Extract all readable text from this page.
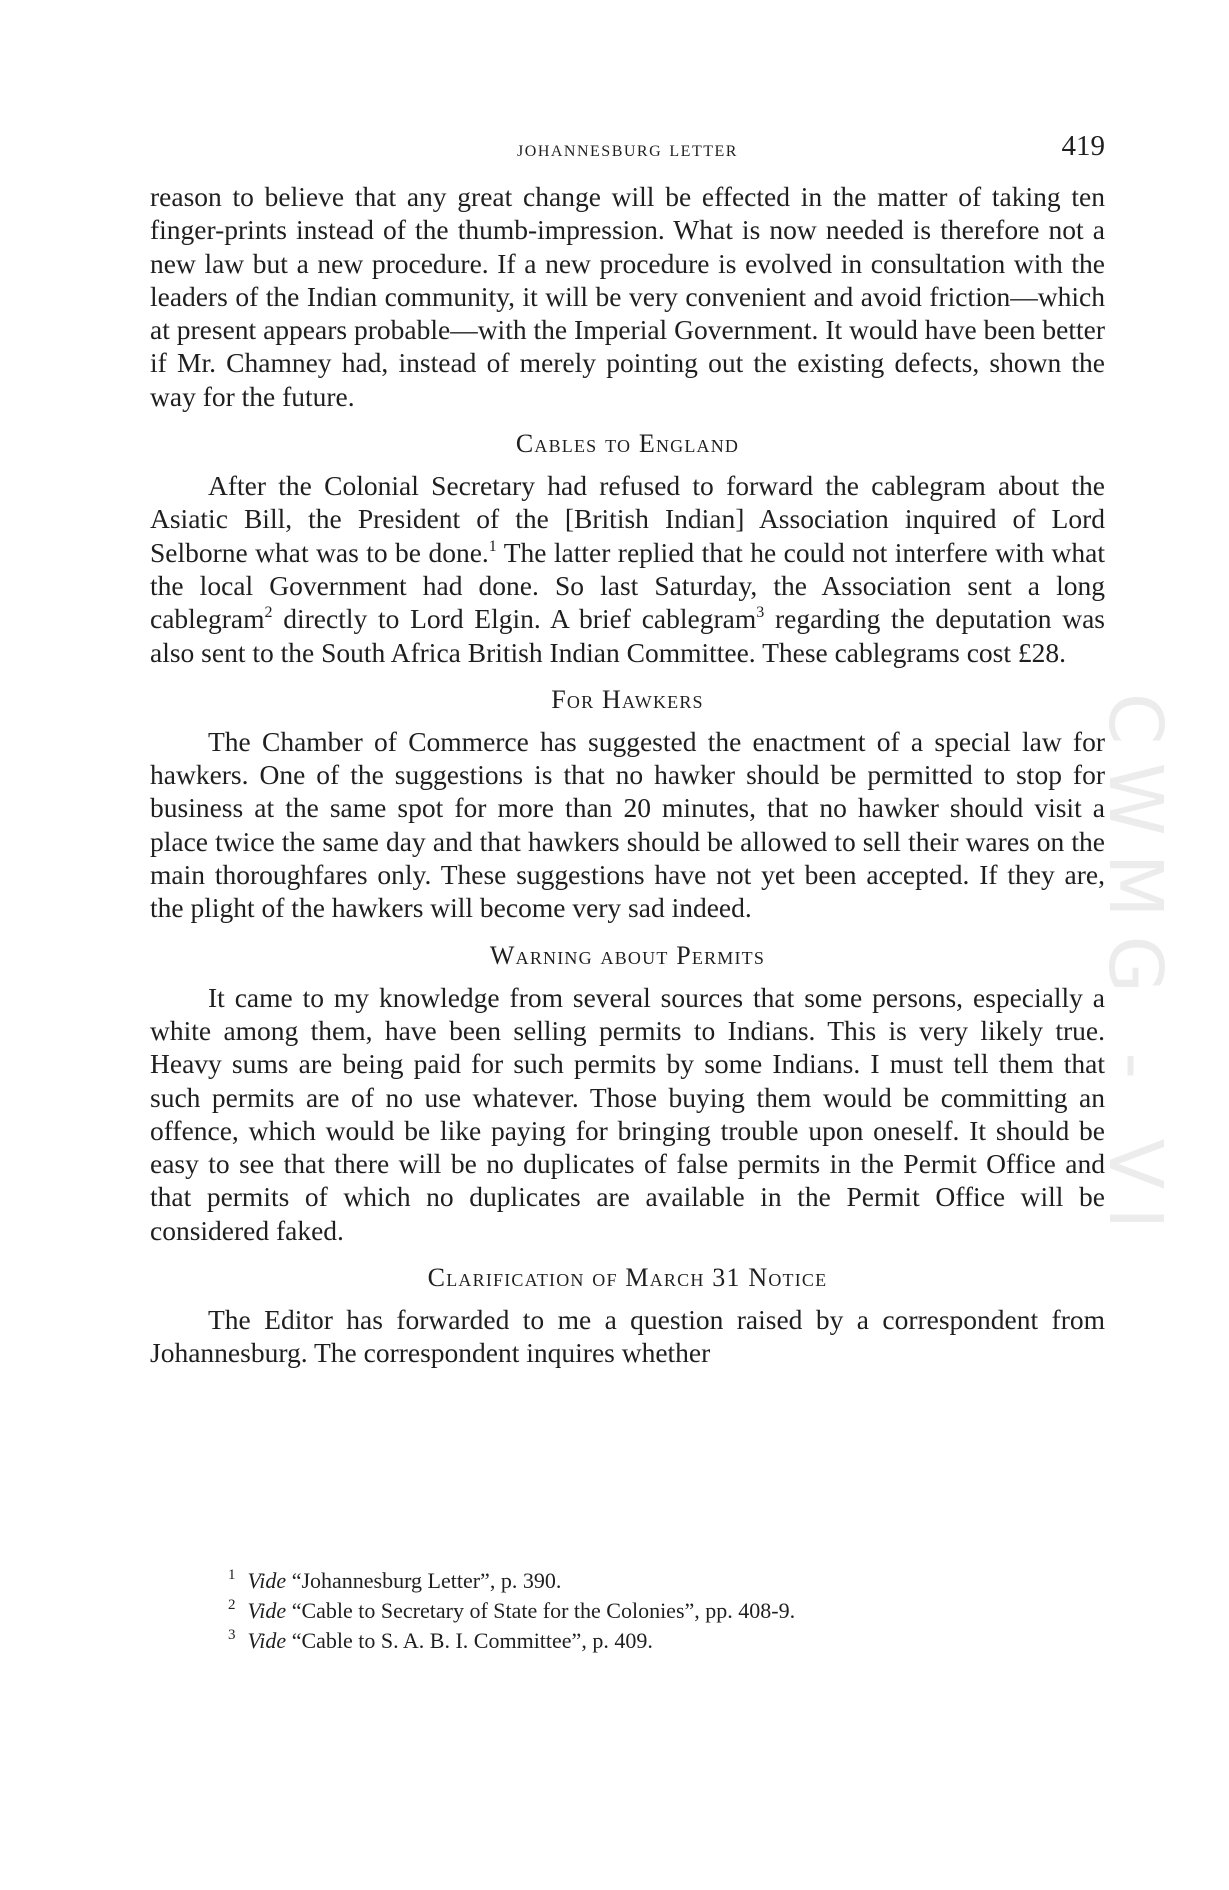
johannesburg letter	419
CWMG - VI

reason to believe that any great change will be effected in the matter of taking ten finger-prints instead of the thumb-impression. What is now needed is therefore not a new law but a new procedure. If a new procedure is evolved in consultation with the leaders of the Indian community, it will be very convenient and avoid friction—which at present appears probable—with the Imperial Government. It would have been better if Mr. Chamney had, instead of merely pointing out the existing defects, shown the way for the future.

Cables to England

After the Colonial Secretary had refused to forward the cablegram about the Asiatic Bill, the President of the [British Indian] Association inquired of Lord Selborne what was to be done.$^1$ The latter replied that he could not interfere with what the local Government had done. So last Saturday, the Association sent a long cablegram$^2$ directly to Lord Elgin. A brief cablegram$^3$ regarding the deputation was also sent to the South Africa British Indian Committee. These cablegrams cost £28.

For Hawkers

The Chamber of Commerce has suggested the enactment of a special law for hawkers. One of the suggestions is that no hawker should be permitted to stop for business at the same spot for more than 20 minutes, that no hawker should visit a place twice the same day and that hawkers should be allowed to sell their wares on the main thoroughfares only. These suggestions have not yet been accepted. If they are, the plight of the hawkers will become very sad indeed.

Warning about Permits

It came to my knowledge from several sources that some persons, especially a white among them, have been selling permits to Indians. This is very likely true. Heavy sums are being paid for such permits by some Indians. I must tell them that such permits are of no use whatever. Those buying them would be committing an offence, which would be like paying for bringing trouble upon oneself. It should be easy to see that there will be no duplicates of false permits in the Permit Office and that permits of which no duplicates are available in the Permit Office will be considered faked.

Clarification of March 31 Notice

The Editor has forwarded to me a question raised by a correspondent from Johannesburg. The correspondent inquires whether

$^1$ Vide “Johannesburg Letter”, p. 390.

$^2$ Vide “Cable to Secretary of State for the Colonies”, pp. 408-9.

$^3$ Vide “Cable to S. A. B. I. Committee”, p. 409.
